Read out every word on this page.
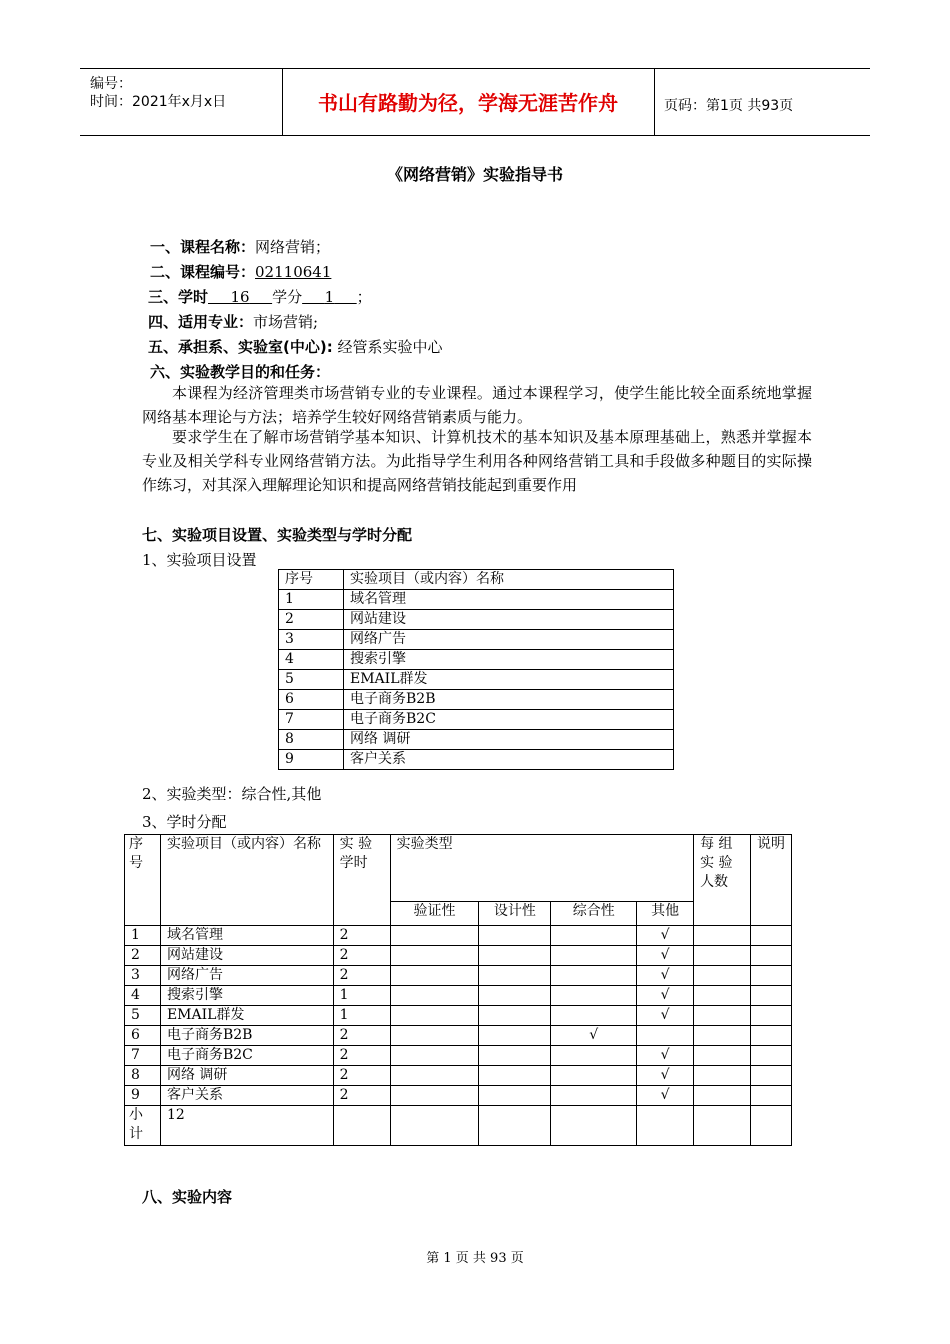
编号：
时间：2021年x月x日	书山有路勤为径，学海无涯苦作舟	页码：第1页 共93页
《网络营销》实验指导书
一、课程名称：网络营销；
二、课程编号：02110641
三、学时   16   学分   1   ；
四、适用专业：市场营销;
五、承担系、实验室(中心): 经管系实验中心
六、实验教学目的和任务：
本课程为经济管理类市场营销专业的专业课程。通过本课程学习，使学生能比较全面系统地掌握网络基本理论与方法；培养学生较好网络营销素质与能力。
要求学生在了解市场营销学基本知识、计算机技术的基本知识及基本原理基础上，熟悉并掌握本专业及相关学科专业网络营销方法。为此指导学生利用各种网络营销工具和手段做多种题目的实际操作练习，对其深入理解理论知识和提高网络营销技能起到重要作用
七、实验项目设置、实验类型与学时分配
1、实验项目设置
序号	实验项目（或内容）名称
1	域名管理
2	网站建设
3	网络广告
4	搜索引擎
5	EMAIL群发
6	电子商务B2B
7	电子商务B2C
8	网络 调研
9	客户关系
2、实验类型：综合性,其他
3、学时分配
序号	实验项目（或内容）名称	实 验 学时	实验类型				每 组 实 验 人数	说明
			验证性	设计性	综合性	其他		
1	域名管理	2				√		
2	网站建设	2				√		
3	网络广告	2				√		
4	搜索引擎	1				√		
5	EMAIL群发	1				√		
6	电子商务B2B	2			√			
7	电子商务B2C	2				√		
8	网络 调研	2				√		
9	客户关系	2				√		
小计	12							
八、实验内容
第 1 页 共 93 页
